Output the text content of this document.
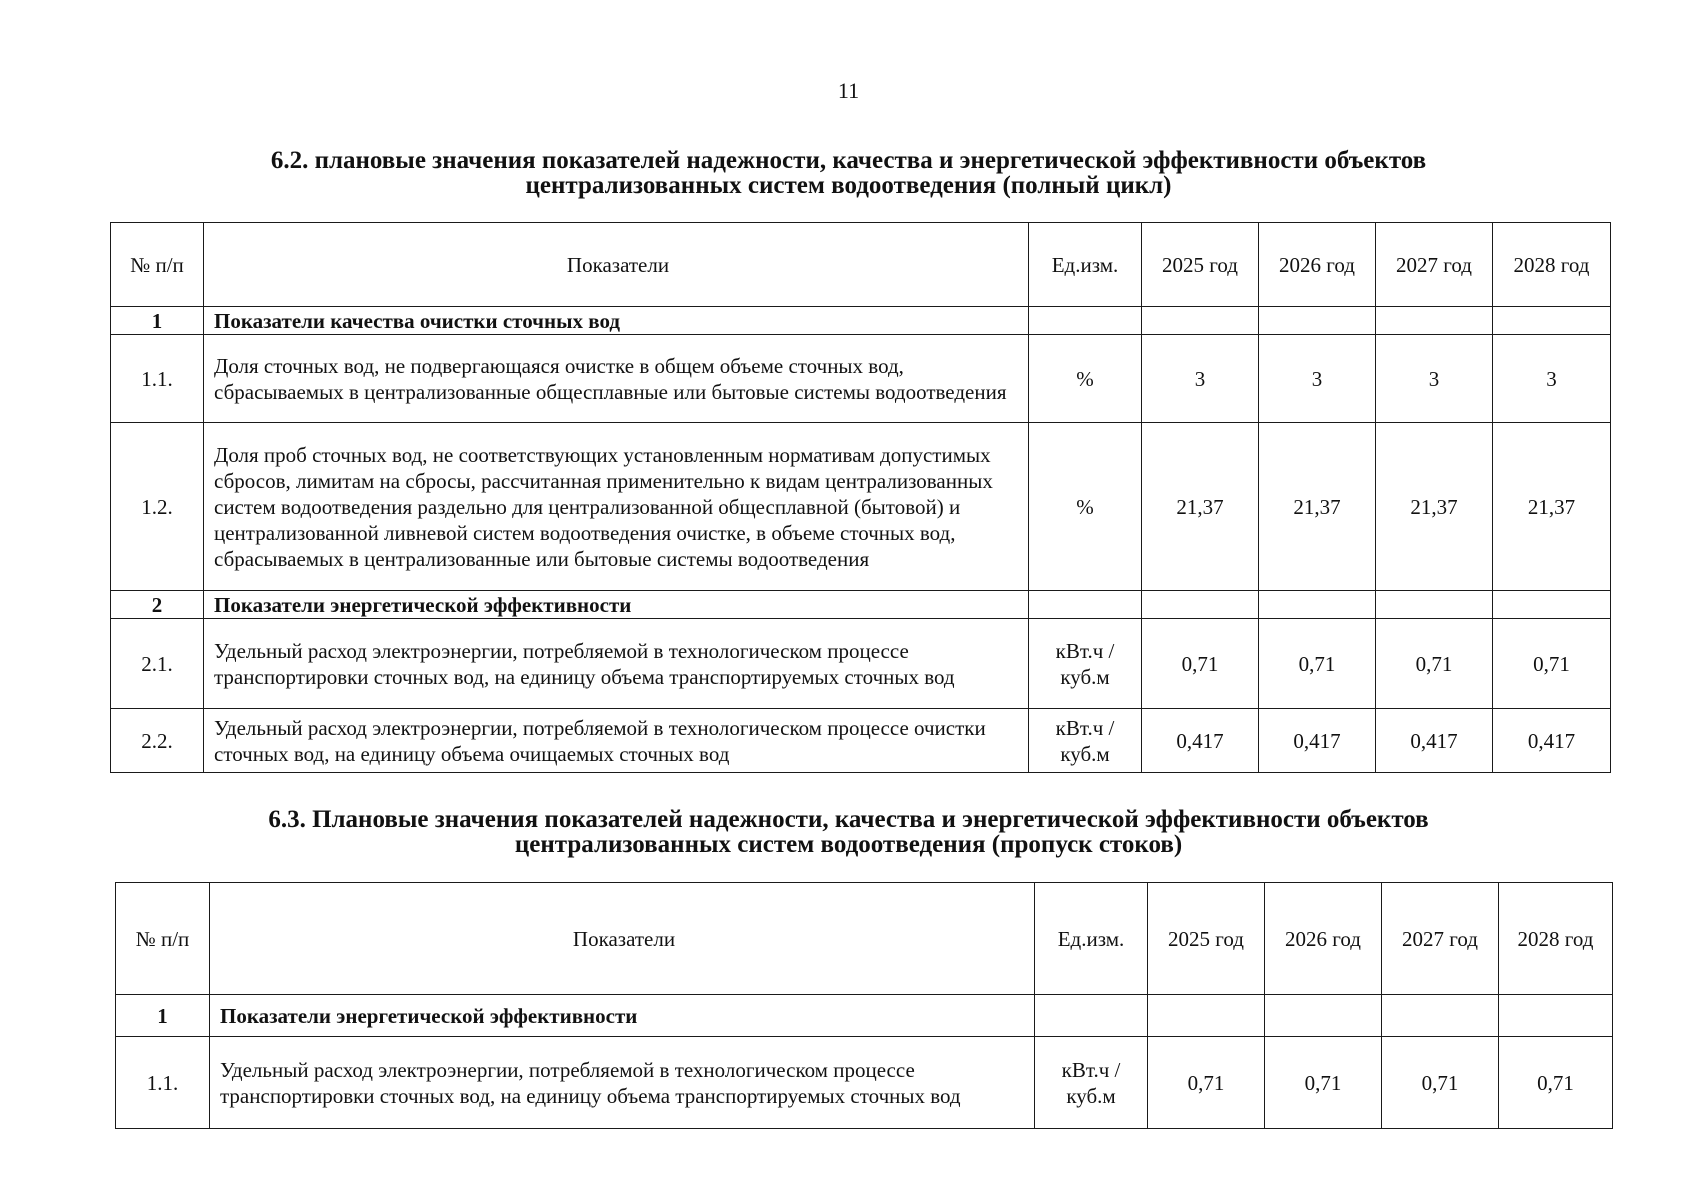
11
6.2. плановые значения показателей надежности, качества и энергетической эффективности объектов
централизованных систем водоотведения (полный цикл)
№ п/п	Показатели	Ед.изм.	2025 год	2026 год	2027 год	2028 год
1	Показатели качества очистки сточных вод					
1.1.	Доля сточных вод, не подвергающаяся очистке в общем объеме сточных вод, сбрасываемых в централизованные общесплавные или бытовые системы водоотведения	%	3	3	3	3
1.2.	Доля проб сточных вод, не соответствующих установленным нормативам допустимых сбросов, лимитам на сбросы, рассчитанная применительно к видам централизованных систем водоотведения раздельно для централизованной общесплавной (бытовой) и централизованной ливневой систем водоотведения очистке, в объеме сточных вод, сбрасываемых в централизованные или бытовые системы водоотведения	%	21,37	21,37	21,37	21,37
2	Показатели энергетической эффективности					
2.1.	Удельный расход электроэнергии, потребляемой в технологическом процессе транспортировки сточных вод, на единицу объема транспортируемых сточных вод	кВт.ч / куб.м	0,71	0,71	0,71	0,71
2.2.	Удельный расход электроэнергии, потребляемой в технологическом процессе очистки сточных вод, на единицу объема очищаемых сточных вод	кВт.ч / куб.м	0,417	0,417	0,417	0,417
6.3. Плановые значения показателей надежности, качества и энергетической эффективности объектов
централизованных систем водоотведения (пропуск стоков)
№ п/п	Показатели	Ед.изм.	2025 год	2026 год	2027 год	2028 год
1	Показатели энергетической эффективности					
1.1.	Удельный расход электроэнергии, потребляемой в технологическом процессе транспортировки сточных вод, на единицу объема транспортируемых сточных вод	кВт.ч / куб.м	0,71	0,71	0,71	0,71
